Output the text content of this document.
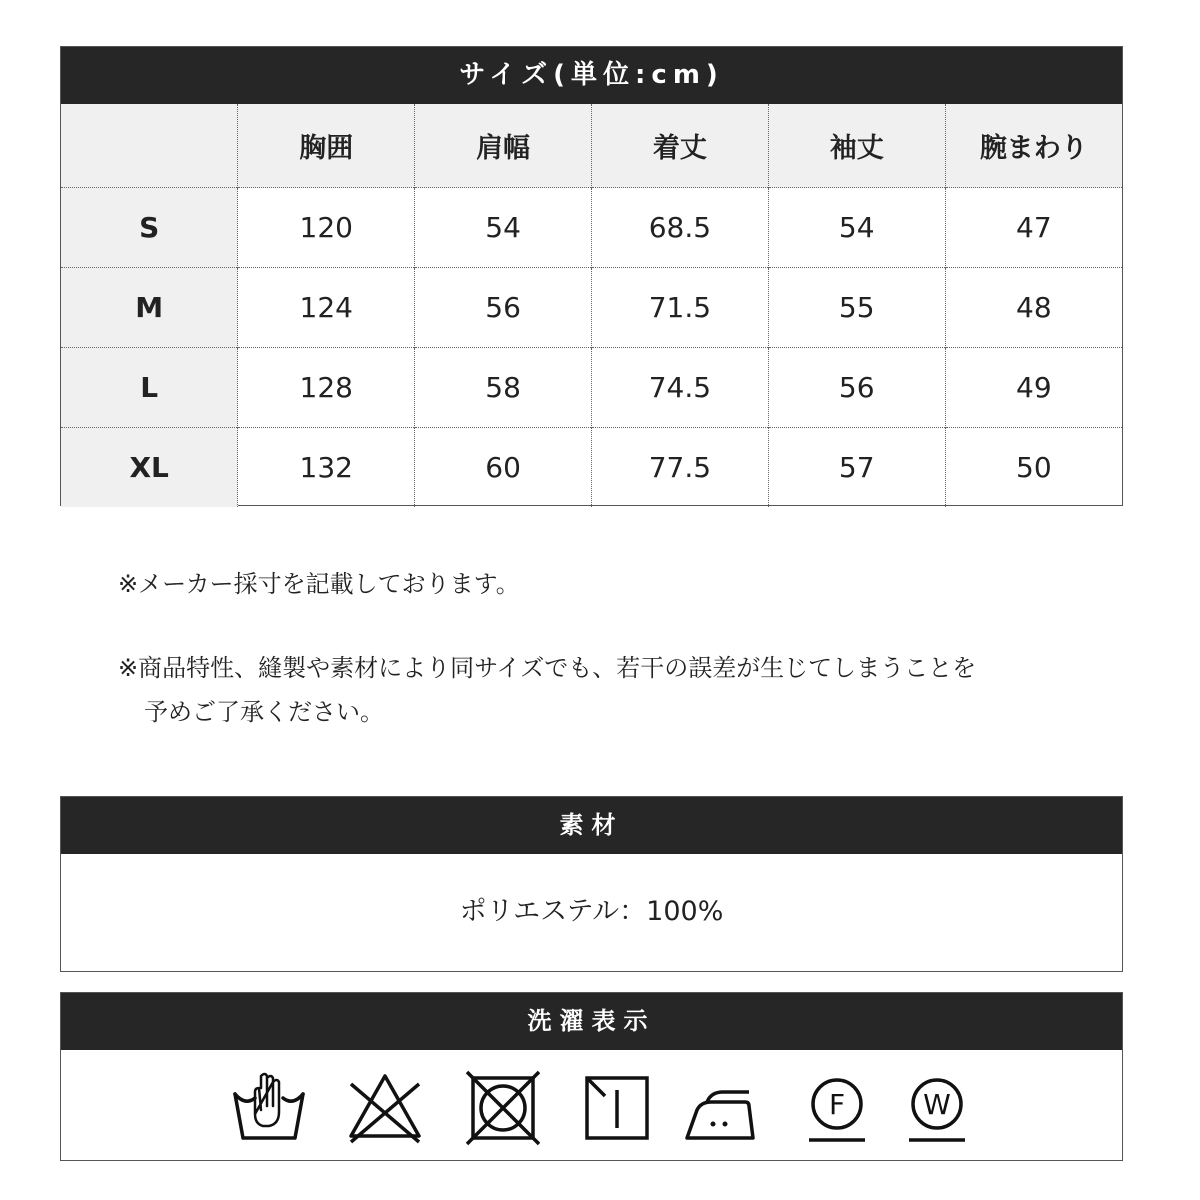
サイズ(単位:cm)
	胸囲	肩幅	着丈	袖丈	腕まわり
S	120	54	68.5	54	47
M	124	56	71.5	55	48
L	128	58	74.5	56	49
XL	132	60	77.5	57	50

※メーカー採寸を記載しております。

※商品特性、縫製や素材により同サイズでも、若干の誤差が生じてしまうことを
予めご了承ください。

素材
ポリエステル：100%
洗濯表示
F	W
